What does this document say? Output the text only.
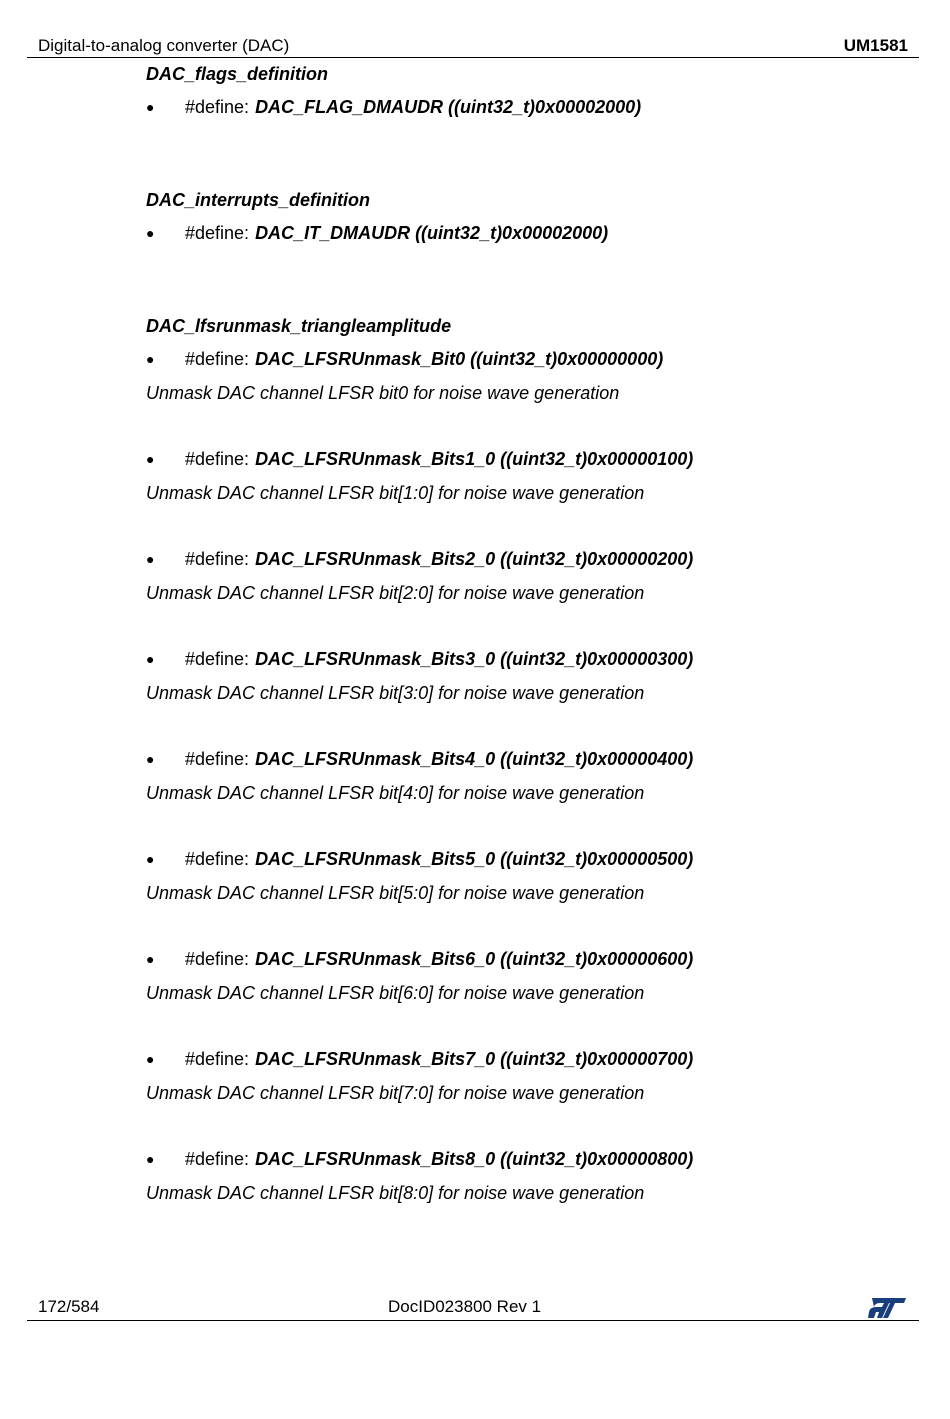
Digital-to-analog converter (DAC)	UM1581
DAC_flags_definition
● #define: DAC_FLAG_DMAUDR ((uint32_t)0x00002000)
DAC_interrupts_definition
● #define: DAC_IT_DMAUDR ((uint32_t)0x00002000)
DAC_lfsrunmask_triangleamplitude
● #define: DAC_LFSRUnmask_Bit0 ((uint32_t)0x00000000)
Unmask DAC channel LFSR bit0 for noise wave generation
● #define: DAC_LFSRUnmask_Bits1_0 ((uint32_t)0x00000100)
Unmask DAC channel LFSR bit[1:0] for noise wave generation
● #define: DAC_LFSRUnmask_Bits2_0 ((uint32_t)0x00000200)
Unmask DAC channel LFSR bit[2:0] for noise wave generation
● #define: DAC_LFSRUnmask_Bits3_0 ((uint32_t)0x00000300)
Unmask DAC channel LFSR bit[3:0] for noise wave generation
● #define: DAC_LFSRUnmask_Bits4_0 ((uint32_t)0x00000400)
Unmask DAC channel LFSR bit[4:0] for noise wave generation
● #define: DAC_LFSRUnmask_Bits5_0 ((uint32_t)0x00000500)
Unmask DAC channel LFSR bit[5:0] for noise wave generation
● #define: DAC_LFSRUnmask_Bits6_0 ((uint32_t)0x00000600)
Unmask DAC channel LFSR bit[6:0] for noise wave generation
● #define: DAC_LFSRUnmask_Bits7_0 ((uint32_t)0x00000700)
Unmask DAC channel LFSR bit[7:0] for noise wave generation
● #define: DAC_LFSRUnmask_Bits8_0 ((uint32_t)0x00000800)
Unmask DAC channel LFSR bit[8:0] for noise wave generation
172/584	DocID023800 Rev 1
